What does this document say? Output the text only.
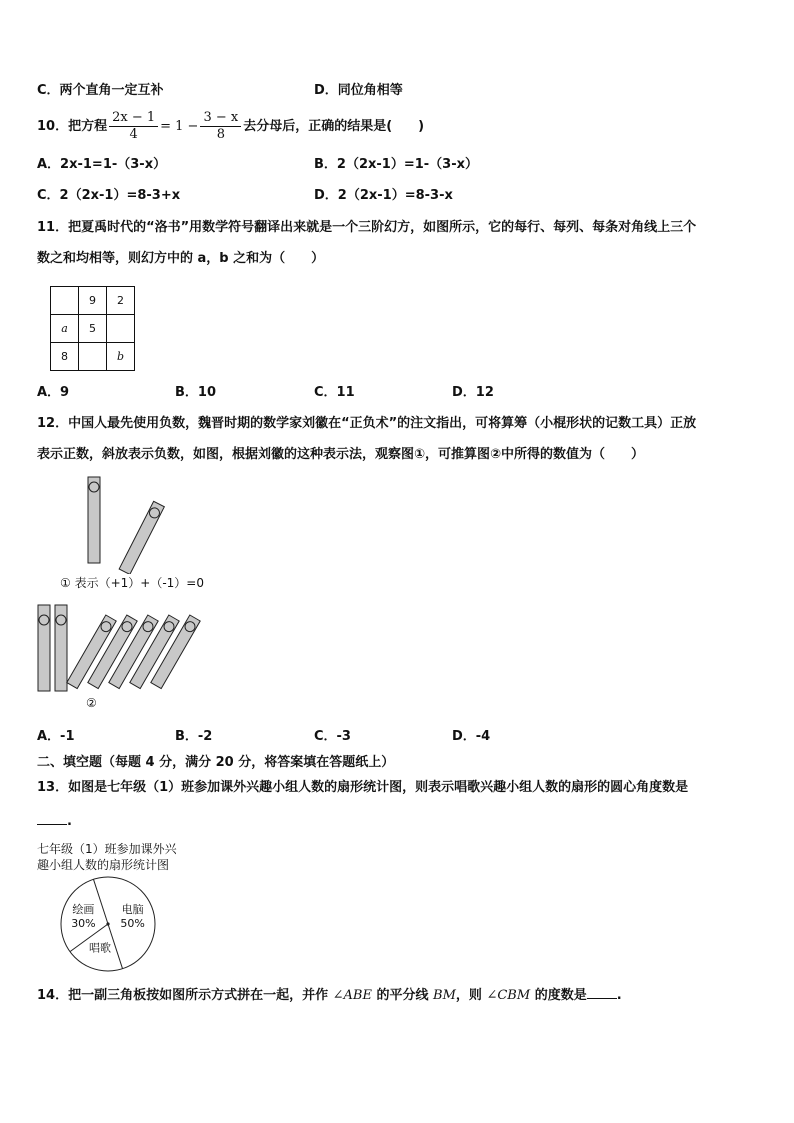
C．两个直角一定互补	D．同位角相等
10．把方程 $\frac{2x - 1}{4} = 1 - \frac{3 - x}{8}$ 去分母后，正确的结果是(　　)
A．2x-1=1-（3-x）	B．2（2x-1）=1-（3-x）
C．2（2x-1）=8-3+x	D．2（2x-1）=8-3-x
11．把夏禹时代的“洛书”用数学符号翻译出来就是一个三阶幻方，如图所示，它的每行、每列、每条对角线上三个
数之和均相等，则幻方中的 a，b 之和为（　　）
	9	2
a	5	
8		b
A．9	B．10	C．11	D．12
12．中国人最先使用负数，魏晋时期的数学家刘徽在“正负术”的注文指出，可将算筹（小棍形状的记数工具）正放
表示正数，斜放表示负数，如图，根据刘徽的这种表示法，观察图①，可推算图②中所得的数值为（　　）
① 表示（+1）+（-1）=0
②
A．-1	B．-2	C．-3	D．-4
二、填空题（每题 4 分，满分 20 分，将答案填在答题纸上）
13．如图是七年级（1）班参加课外兴趣小组人数的扇形统计图，则表示唱歌兴趣小组人数的扇形的圆心角度数是
.
七年级（1）班参加课外兴
趣小组人数的扇形统计图
电脑
50%
唱歌
绘画
30%
14．把一副三角板按如图所示方式拼在一起，并作 ∠ABE 的平分线 BM，则 ∠CBM 的度数是 .
